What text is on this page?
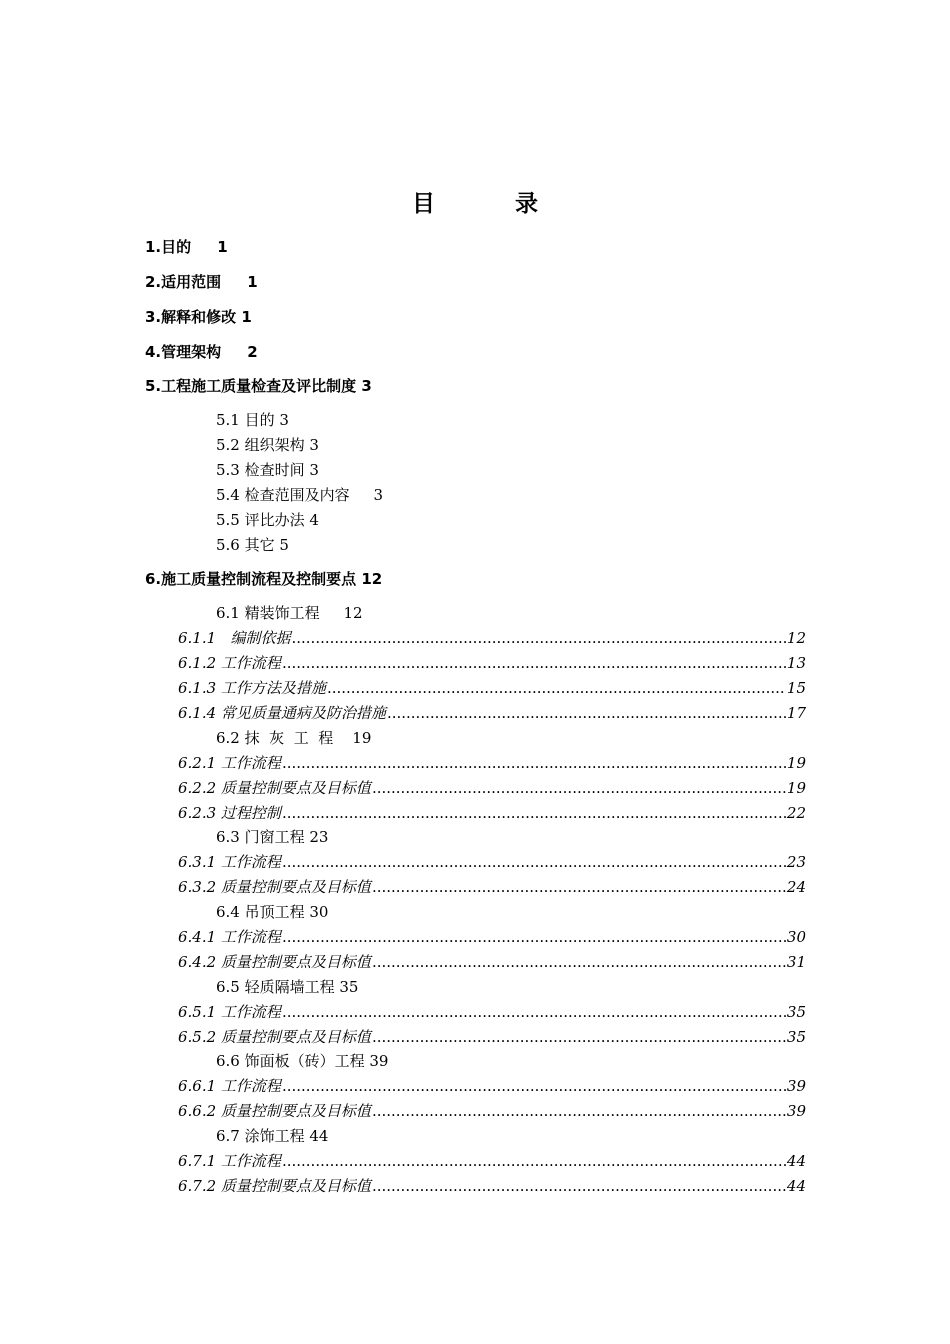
目	录
1.目的     1
2.适用范围     1
3.解释和修改 1
4.管理架构     2
5.工程施工质量检查及评比制度 3
5.1 目的 3
5.2 组织架构 3
5.3 检查时间 3
5.4 检查范围及内容     3
5.5 评比办法 4
5.6 其它 5
6.施工质量控制流程及控制要点 12
6.1 精装饰工程     12
6.1.1   编制依据 .....	12
6.1.2 工作流程 .....	13
6.1.3 工作方法及措施 .....	15
6.1.4 常见质量通病及防治措施 .....	17
6.2 抹  灰  工  程    19
6.2.1 工作流程 .....	19
6.2.2 质量控制要点及目标值 .....	19
6.2.3 过程控制 .....	22
6.3 门窗工程 23
6.3.1 工作流程 .....	23
6.3.2 质量控制要点及目标值 .....	24
6.4 吊顶工程 30
6.4.1 工作流程 .....	30
6.4.2 质量控制要点及目标值 .....	31
6.5 轻质隔墙工程 35
6.5.1 工作流程 .....	35
6.5.2 质量控制要点及目标值 .....	35
6.6 饰面板（砖）工程 39
6.6.1 工作流程 .....	39
6.6.2 质量控制要点及目标值 .....	39
6.7 涂饰工程 44
6.7.1 工作流程 .....	44
6.7.2 质量控制要点及目标值 .....	44
